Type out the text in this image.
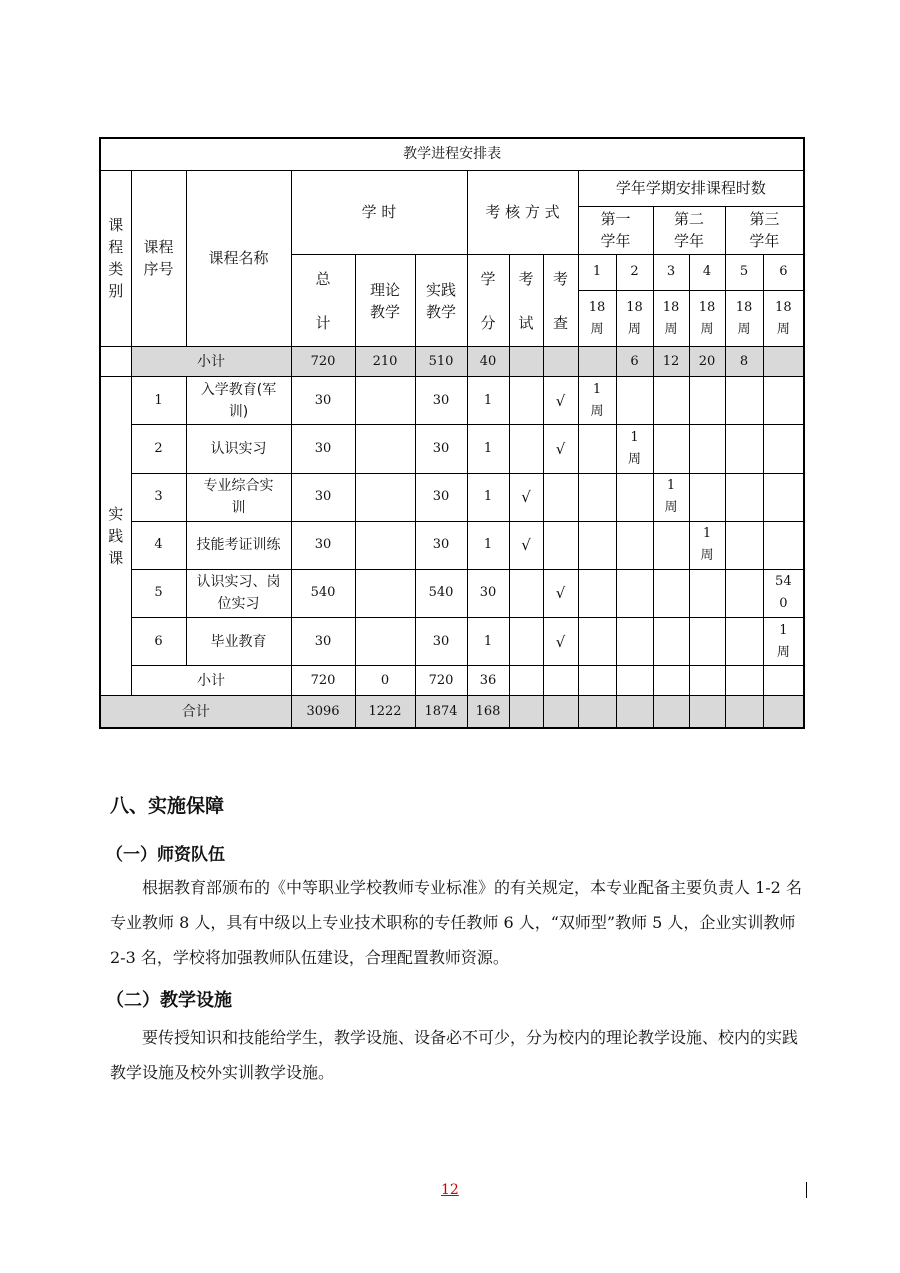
教学进程安排表														
课程类别	课程序号	课程名称	学 时			考 核 方 式			学年学期安排课程时数					
									第一学年		第二学年		第三学年	
			总计	理论教学	实践教学	学分	考试	考查	1	2	3	4	5	6
									18周	18周	18周	18周	18周	18周
	小计		720	210	510	40				6	12	20	8	
实践课	1	入学教育(军训)	30		30	1		√	1周					
	2	认识实习	30		30	1		√		1周				
	3	专业综合实训	30		30	1	√				1周			
	4	技能考证训练	30		30	1	√					1周		
	5	认识实习、岗位实习	540		540	30		√						540
	6	毕业教育	30		30	1		√						1周
	小计		720	0	720	36								
合计			3096	1222	1874	168								
八、实施保障
（一）师资队伍
根据教育部颁布的《中等职业学校教师专业标准》的有关规定，本专业配备主要负责人 1-2 名专业教师 8 人，具有中级以上专业技术职称的专任教师 6 人，“双师型”教师 5 人，企业实训教师 2-3 名，学校将加强教师队伍建设，合理配置教师资源。
（二）教学设施
要传授知识和技能给学生，教学设施、设备必不可少，分为校内的理论教学设施、校内的实践教学设施及校外实训教学设施。
12
